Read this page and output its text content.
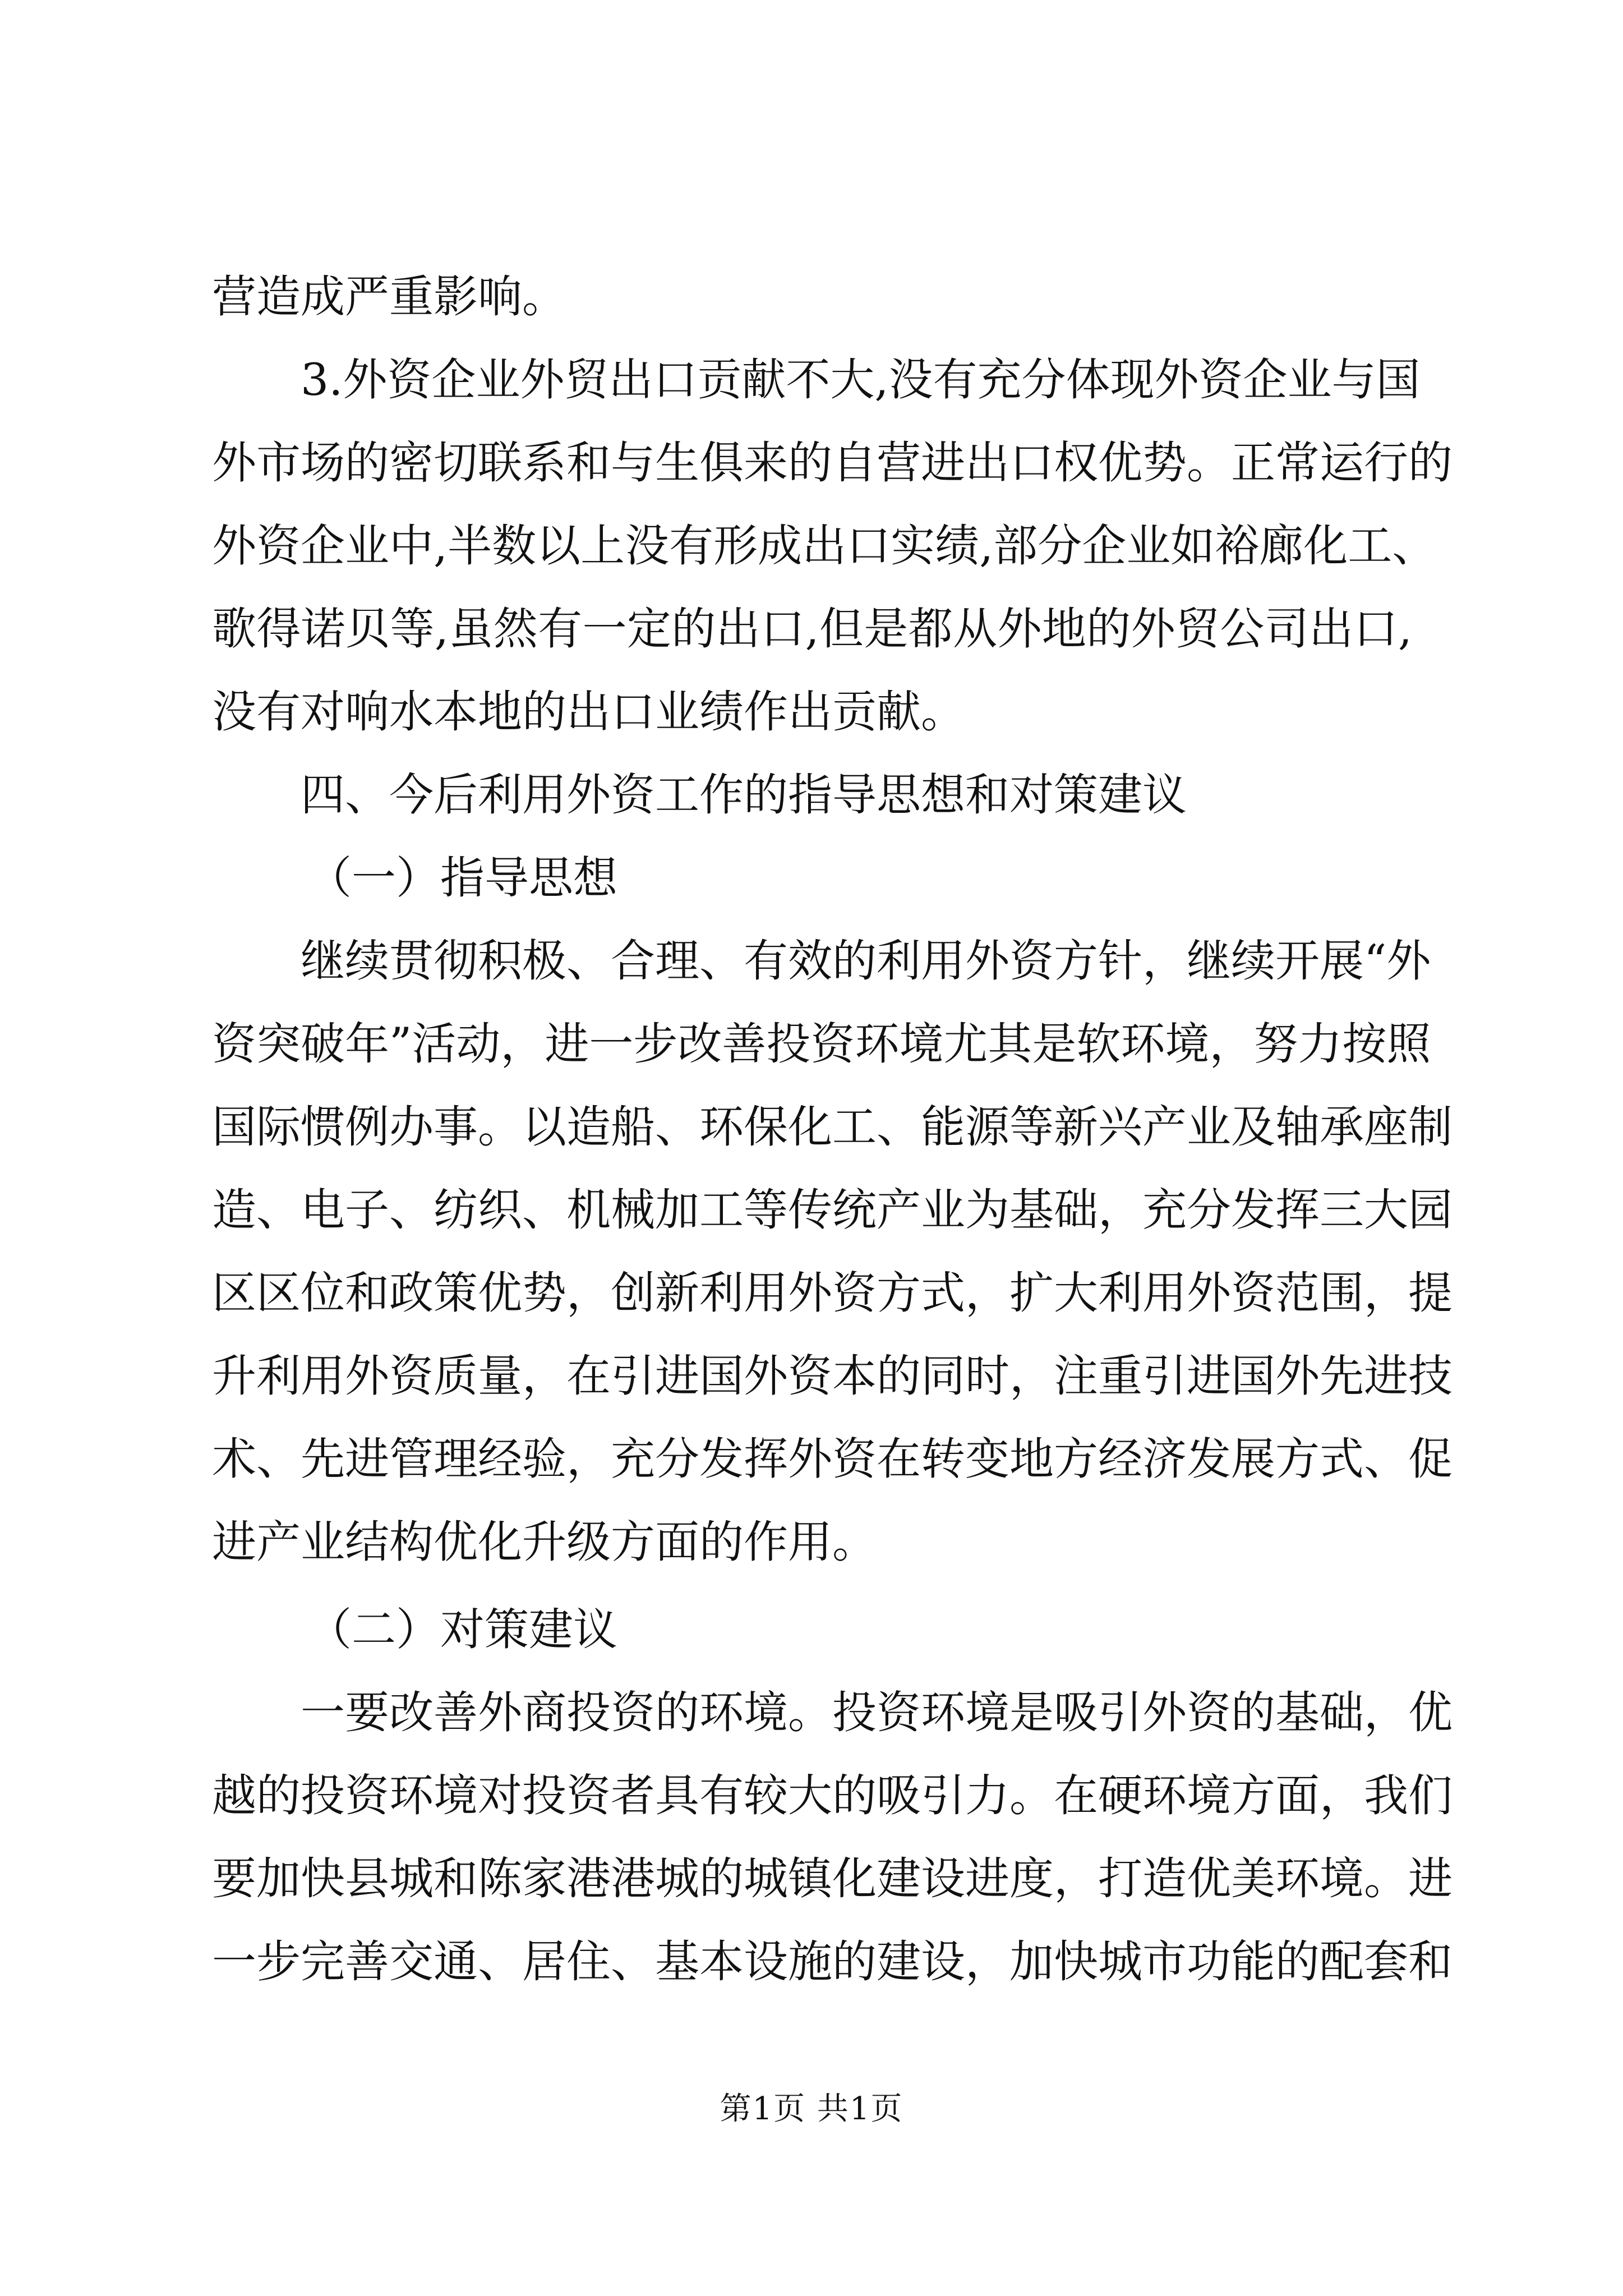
营造成严重影响。
3.外资企业外贸出口贡献不大,没有充分体现外资企业与国
外市场的密切联系和与生俱来的自营进出口权优势。正常运行的
外资企业中,半数以上没有形成出口实绩,部分企业如裕廊化工、
歌得诺贝等,虽然有一定的出口,但是都从外地的外贸公司出口,
没有对响水本地的出口业绩作出贡献。
四、今后利用外资工作的指导思想和对策建议
（一）指导思想
继续贯彻积极、合理、有效的利用外资方针，继续开展“外
资突破年”活动，进一步改善投资环境尤其是软环境，努力按照
国际惯例办事。以造船、环保化工、能源等新兴产业及轴承座制
造、电子、纺织、机械加工等传统产业为基础，充分发挥三大园
区区位和政策优势，创新利用外资方式，扩大利用外资范围，提
升利用外资质量，在引进国外资本的同时，注重引进国外先进技
术、先进管理经验，充分发挥外资在转变地方经济发展方式、促
进产业结构优化升级方面的作用。
（二）对策建议
一要改善外商投资的环境。投资环境是吸引外资的基础，优
越的投资环境对投资者具有较大的吸引力。在硬环境方面，我们
要加快县城和陈家港港城的城镇化建设进度，打造优美环境。进
一步完善交通、居住、基本设施的建设，加快城市功能的配套和
第1页 共1页
